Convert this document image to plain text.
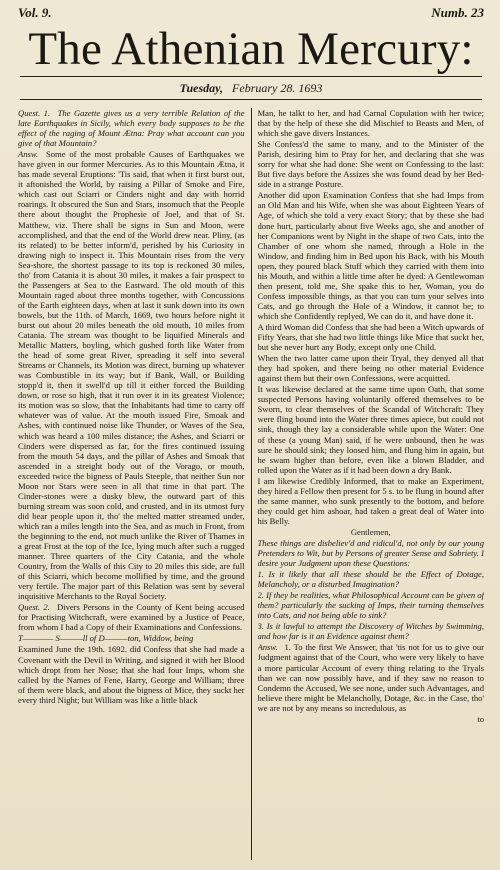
Vol. 9.	Numb. 23
The Athenian Mercury:
Tuesday, February 28. 1693

Quest. 1. The Gazette gives us a very terrible Relation of the late Earthquakes in Sicily, which every body supposes to be the effect of the raging of Mount Ætna: Pray what account can you give of that Mountain?

Answ. Some of the most probable Causes of Earthquakes we have given in our former Mercuries. As to this Mountain Ætna, it has made several Eruptions: 'Tis said, that when it first burst out, it aftonished the World, by raising a Pillar of Smoke and Fire, which cast out Sciarri or Cinders night and day with horrid roarings. It obscured the Sun and Stars, insomuch that the People there about thought the Prophesie of Joel, and that of St. Matthew, viz. There shall be signs in Sun and Moon, were accomplished, and that the end of the World drew near. Pliny, (as its related) to be better inform'd, perished by his Curiosity in drawing nigh to inspect it. This Mountain rises from the very Sea-shore, the shortest passage to its top is reckoned 30 miles, tho' from Catania it is about 30 miles, it makes a fair prospect to the Passengers at Sea to the Eastward. The old mouth of this Mountain raged about three months together, with Concussions of the Earth eighteen days, when at last it sunk down into its own bowels, but the 11th. of March, 1669, two hours before night it burst out about 20 miles beneath the old mouth, 10 miles from Catania. The stream was thought to be liquified Minerals and Metallic Matters, boyling, which gushed forth like Water from the head of some great River, spreading it self into several Streams or Channels, its Motion was direct, burning up whatever was Combustible in its way; but if Bank, Wall, or Building stopp'd it, then it swell'd up till it either forced the Building down, or rose so high, that it run over it in its greatest Violence; its motion was so slow, that the Inhabitants had time to carry off whatever was of value. At the mouth issued Fire, Smoak and Ashes, with continued noise like Thunder, or Waves of the Sea, which was heard a 100 miles distance; the Ashes, and Sciarri or Cinders were dispersed as far, for the fires continued issuing from the mouth 54 days, and the pillar of Ashes and Smoak that ascended in a streight body out of the Vorago, or mouth, exceeded twice the bigness of Pauls Steeple, that neither Sun nor Moon nor Stars were seen in all that time in that part. The Cinder-stones were a dusky blew, the outward part of this burning stream was soon cold, and crusted, and in its utmost fury did bear people upon it, tho' the melted matter streamed under, which ran a miles length into the Sea, and as much in Front, from the beginning to the end, not much unlike the River of Thames in a great Frost at the top of the Ice, lying much after such a rugged manner. Three quarters of the City Catania, and the whole Country, from the Walls of this City to 20 miles this side, are full of this Sciarri, which become mollified by time, and the ground very fertile. The major part of this Relation was sent by several inquisitive Merchants to the Royal Society.

Quest. 2. Divers Persons in the County of Kent being accused for Practising Witchcraft, were examined by a Justice of Peace, from whom I had a Copy of their Examinations and Confessions.

T———— S———ll of D———ton, Widdow, being

Examined June the 19th. 1692. did Confess that she had made a Covenant with the Devil in Writing, and signed it with her Blood which dropt from her Nose; that she had four Imps, whom she called by the Names of Fene, Harry, George and William; three of them were black, and about the bigness of Mice, they suckt her every third Night; but William was like a little black

Man, he talkt to her, and had Carnal Copulation with her twice; that by the help of these she did Mischief to Beasts and Men, of which she gave divers Instances.

She Confess'd the same to many, and to the Minister of the Parish, desiring him to Pray for her, and declaring that she was sorry for what she had done: She went on Confessing to the last: But five days before the Assizes she was found dead by her Bed-side in a strange Posture.

Another did upon Examination Confess that she had Imps from an Old Man and his Wife, when she was about Eighteen Years of Age, of which she told a very exact Story; that by these she had done hurt, particularly about five Weeks ago, she and another of her Companions went by Night in the shape of two Cats, into the Chamber of one whom she named, through a Hole in the Window, and finding him in Bed upon his Back, with his Mouth open, they poured black Stuff which they carried with them into his Mouth, and within a little time after he dyed: A Gentlewoman then present, told me, She spake this to her, Woman, you do Confess impossible things, as that you can turn your selves into Cats, and go through the Hole of a Window, it cannot be; to which she Confidently replyed, We can do it, and have done it.

A third Woman did Confess that she had been a Witch upwards of Fifty Years, that she had two little things like Mice that suckt her, but she never hurt any Body, except only one Child.

When the two latter came upon their Tryal, they denyed all that they had spoken, and there being no other material Evidence against them but their own Confessions, were acquitted.

It was likewise declared at the same time upon Oath, that some suspected Persons having voluntarily offered themselves to be Sworn, to clear themselves of the Scandal of Witchcraft: They were fling bound into the Water three times apiece, but could not sink, though they lay a considerable while upon the Water: One of these (a young Man) said, if he were unbound, then he was sure he should sink; they loosed him, and flung him in again, but he swam higher than before, even like a blown Bladder, and rolled upon the Water as if it had been down a dry Bank.

I am likewise Credibly Informed, that to make an Experiment, they hired a Fellow then present for 5 s. to be flung in bound after the same manner, who sunk presently to the bottom, and before they could get him ashoar, had taken a great deal of Water into his Belly.

Gentlemen,

These things are disbeliev'd and ridicul'd, not only by our young Pretenders to Wit, but by Persons of greater Sense and Sobriety. I desire your Judgment upon these Questions:

1. Is it likely that all these should be the Effect of Dotage, Melancholy, or a disturbed Imagination?

2. If they be realities, what Philosophical Account can be given of them? particularly the sucking of Imps, their turning themselves into Cats, and not being able to sink?

3. Is it lawful to attempt the Discovery of Witches by Swimming, and how far is it an Evidence against them?

Answ. 1. To the first We Answer, that 'tis not for us to give our Judgment against that of the Court, who were very likely to have a more particular Account of every thing relating to the Tryals than we can now possibly have, and if they saw no reason to Condemn the Accused, We see none, under such Advantages, and believe there might be Melancholly, Dotage, &c. in the Case, tho' we are not by any means so incredulous, as

to
